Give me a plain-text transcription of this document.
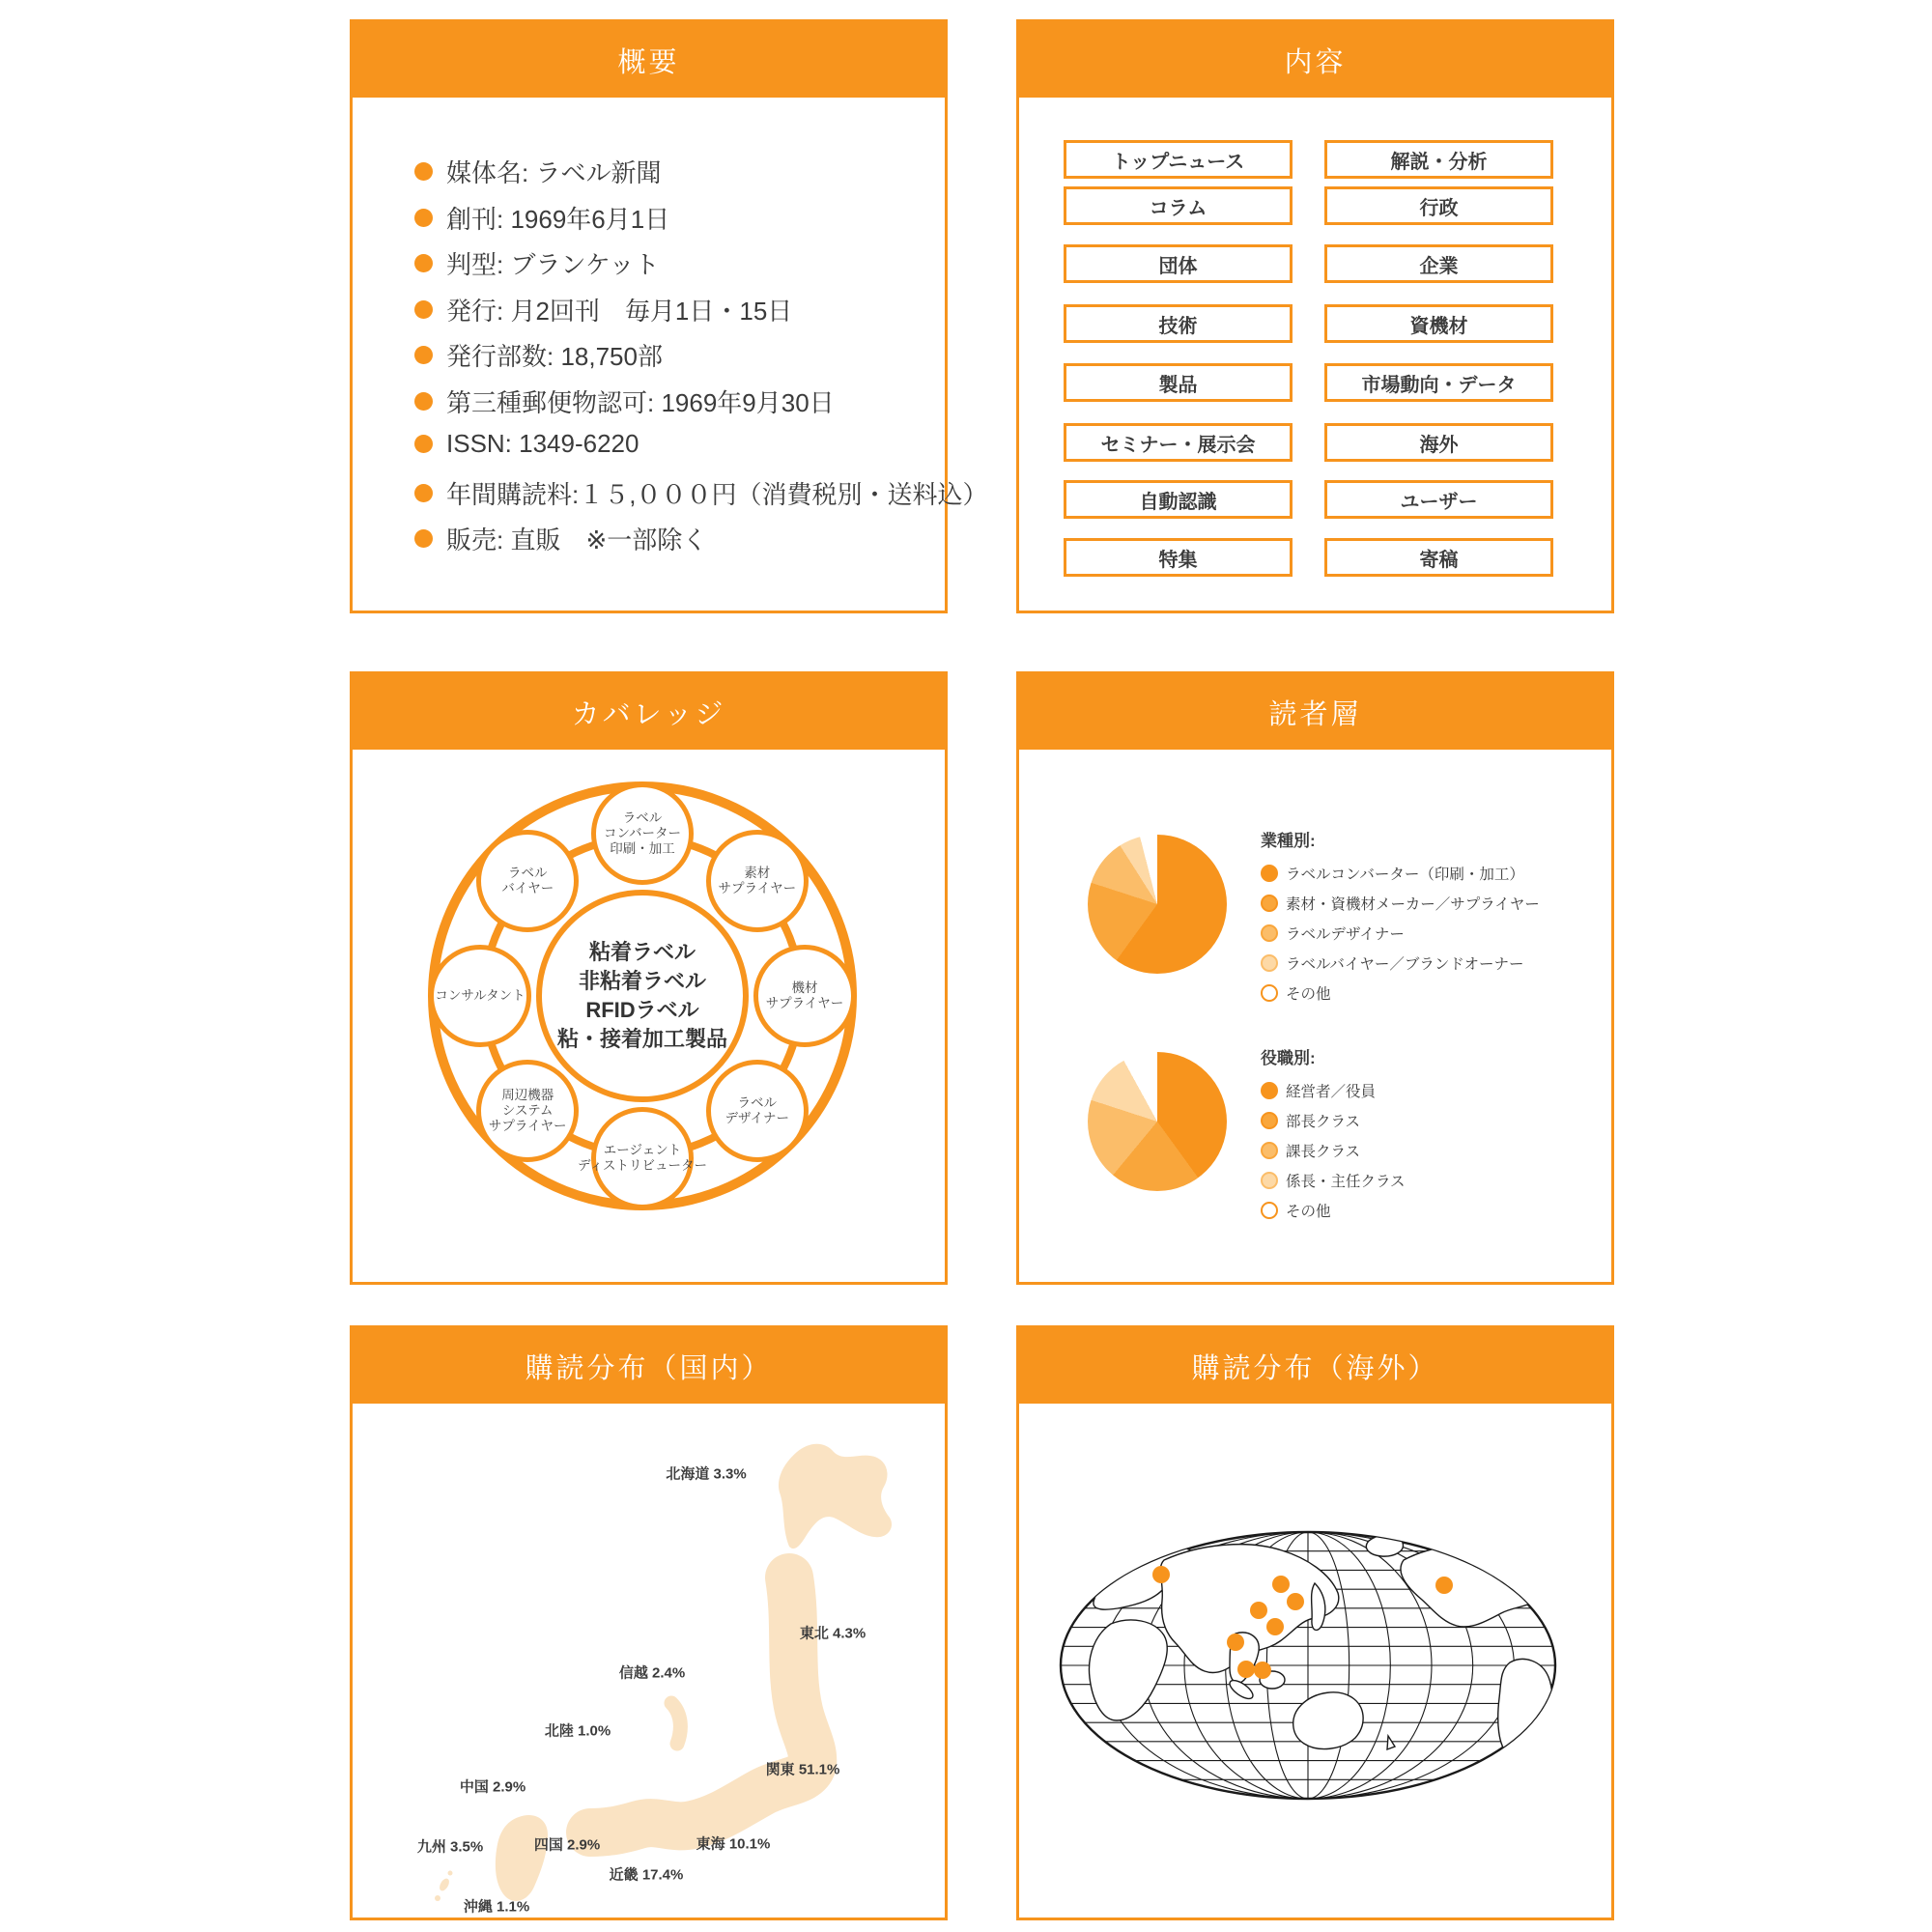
概要
媒体名: ラベル新聞
創刊: 1969年6月1日
判型: ブランケット
発行: 月2回刊　毎月1日・15日
発行部数: 18,750部
第三種郵便物認可: 1969年9月30日
ISSN: 1349-6220
年間購読料:１５,０００円（消費税別・送料込）
販売: 直販　※一部除く
内容
トップニュース
コラム
団体
技術
製品
セミナー・展示会
自動認識
特集
解説・分析
行政
企業
資機材
市場動向・データ
海外
ユーザー
寄稿
カバレッジ
粘着ラベル
非粘着ラベル
RFIDラベル
粘・接着加工製品
ラベル
コンバーター
印刷・加工
素材
サプライヤー
機材
サプライヤー
ラベル
デザイナー
エージェント
ディストリビューター
周辺機器
システム
サプライヤー
コンサルタント
ラベル
バイヤー
読者層
業種別:
ラベルコンバーター（印刷・加工）
素材・資機材メーカー／サプライヤー
ラベルデザイナー
ラベルバイヤー／ブランドオーナー
その他
役職別:
経営者／役員
部長クラス
課長クラス
係長・主任クラス
その他
購読分布（国内）
北海道 3.3%
東北 4.3%
信越 2.4%
北陸 1.0%
関東 51.1%
中国 2.9%
九州 3.5%	四国 2.9%	東海 10.1%
近畿 17.4%
沖縄 1.1%
購読分布（海外）
